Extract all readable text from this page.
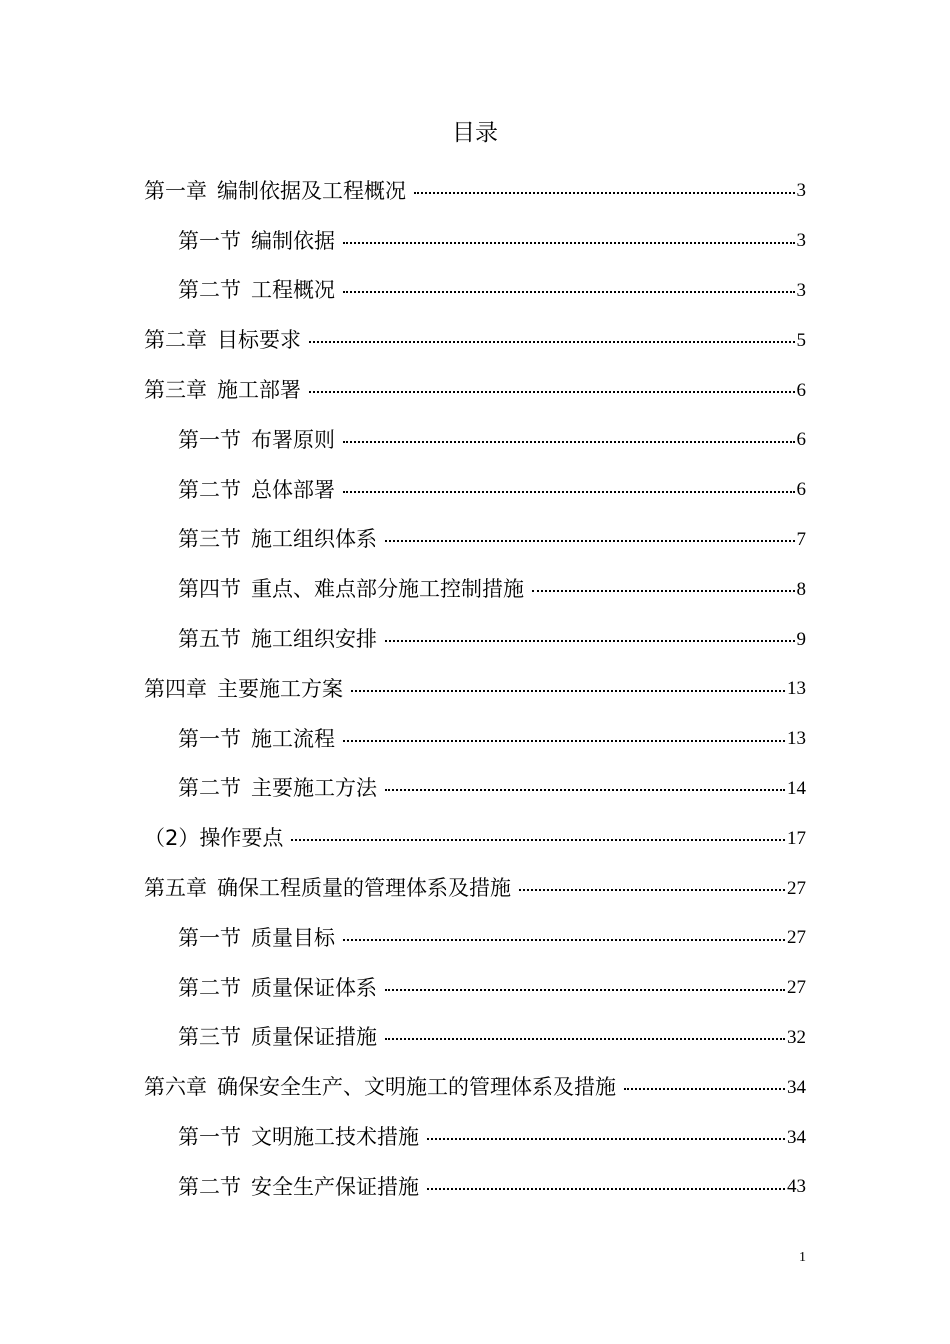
目录
第一章 编制依据及工程概况	3
第一节 编制依据	3
第二节 工程概况	3
第二章 目标要求	5
第三章 施工部署	6
第一节 布署原则	6
第二节 总体部署	6
第三节 施工组织体系	7
第四节 重点、难点部分施工控制措施	8
第五节 施工组织安排	9
第四章 主要施工方案	13
第一节 施工流程	13
第二节 主要施工方法	14
（2）操作要点	17
第五章 确保工程质量的管理体系及措施	27
第一节 质量目标	27
第二节 质量保证体系	27
第三节 质量保证措施	32
第六章 确保安全生产、文明施工的管理体系及措施	34
第一节 文明施工技术措施	34
第二节 安全生产保证措施	43
1
